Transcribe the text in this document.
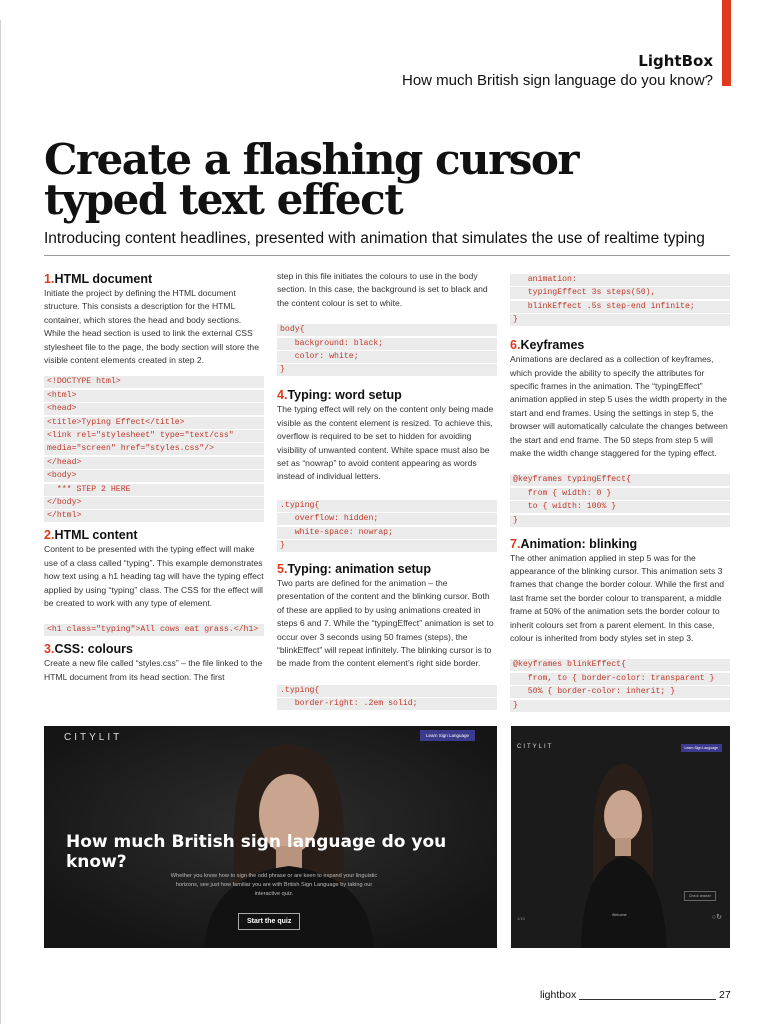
LightBox
How much British sign language do you know?
Create a flashing cursor
typed text effect
Introducing content headlines, presented with animation that simulates the use of realtime typing
1.HTML document

Initiate the project by defining the HTML document structure. This consists a description for the HTML container, which stores the head and body sections. While the head section is used to link the external CSS stylesheet file to the page, the body section will store the visible content elements created in step 2.

<!DOCTYPE html>
<html>
<head>
<title>Typing Effect</title>
<link rel="stylesheet" type="text/css"
media="screen" href="styles.css"/>
</head>
<body>
*** STEP 2 HERE
</body>
</html>
2.HTML content

Content to be presented with the typing effect will make use of a class called “typing”. This example demonstrates how text using a h1 heading tag will have the typing effect applied by using “typing” class. The CSS for the effect will be created to work with any type of element.

<h1 class="typing">All cows eat grass.</h1>
3.CSS: colours

Create a new file called “styles.css” – the file linked to the HTML document from its head section. The first

step in this file initiates the colours to use in the body section. In this case, the background is set to black and the content colour is set to white.

body{
background: black;
color: white;
}
4.Typing: word setup

The typing effect will rely on the content only being made visible as the content element is resized. To achieve this, overflow is required to be set to hidden for avoiding visibility of unwanted content. White space must also be set as “nowrap” to avoid content appearing as words instead of individual letters.

.typing{
overflow: hidden;
white-space: nowrap;
}
5.Typing: animation setup

Two parts are defined for the animation – the presentation of the content and the blinking cursor. Both of these are applied to by using animations created in steps 6 and 7. While the “typingEffect” animation is set to occur over 3 seconds using 50 frames (steps), the “blinkEffect” will repeat infinitely. The blinking cursor is to be made from the content element’s right side border.

.typing{
border-right: .2em solid;
animation:
typingEffect 3s steps(50),
blinkEffect .5s step-end infinite;
}
6.Keyframes

Animations are declared as a collection of keyframes, which provide the ability to specify the attributes for specific frames in the animation. The “typingEffect” animation applied in step 5 uses the width property in the start and end frames. Using the settings in step 5, the browser will automatically calculate the changes between the start and end frame. The 50 steps from step 5 will make the width change staggered for the typing effect.

@keyframes typingEffect{
from { width: 0 }
to { width: 100% }
}
7.Animation: blinking

The other animation applied in step 5 was for the appearance of the blinking cursor. This animation sets 3 frames that change the border colour. While the first and last frame set the border colour to transparent, a middle frame at 50% of the animation sets the border colour to inherit colours set from a parent element. In this case, colour is inherited from body styles set in step 3.

@keyframes blinkEffect{
from, to { border-color: transparent }
50% { border-color: inherit; }
}
CITYLIT	Learn Sign Language
How much British sign language do you know?
Whether you know how to sign the odd phrase or are keen to expand your linguistic horizons, see just how familiar you are with British Sign Language by taking our interactive quiz.
Start the quiz
CITYLIT	Learn Sign Language
Check answer
Welcome
1/15	○↻
lightbox	27
